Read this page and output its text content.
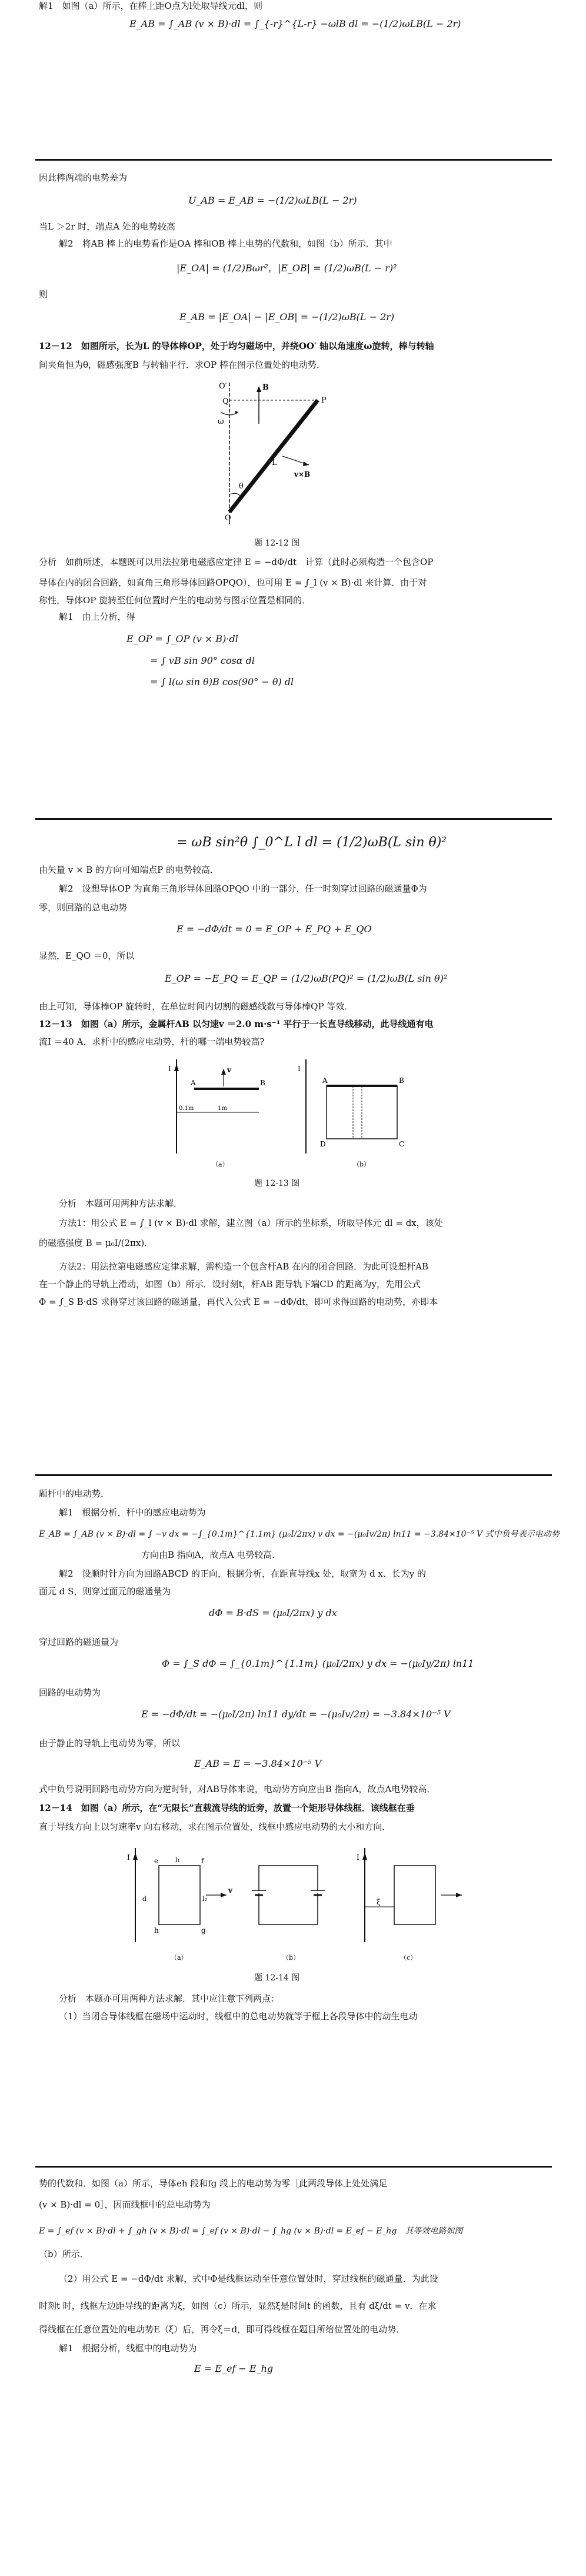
解1　如图（a）所示，在棒上距O点为l处取导线元dl，则
E_AB = ∫_AB (v × B)·dl = ∫_{-r}^{L-r} −ωlB dl = −(1/2)ωLB(L − 2r)
因此棒两端的电势差为
U_AB = E_AB = −(1/2)ωLB(L − 2r)
当L ＞2r 时，端点A 处的电势较高
解2　将AB 棒上的电势看作是OA 棒和OB 棒上电势的代数和，如图（b）所示．其中
|E_OA| = (1/2)Bωr²，|E_OB| = (1/2)ωB(L − r)²
则
E_AB = |E_OA| − |E_OB| = −(1/2)ωB(L − 2r)
12－12　如图所示，长为L 的导体棒OP，处于均匀磁场中，并绕OO′ 轴以角速度ω旋转，棒与转轴
间夹角恒为θ，磁感强度B 与转轴平行．求OP 棒在图示位置处的电动势．
O
O′	B
P
Q
ω
θ
L
v×B
题 12-12 图
分析　如前所述，本题既可以用法拉第电磁感应定律 E = −dΦ/dt　计算（此时必须构造一个包含OP
导体在内的闭合回路，如直角三角形导体回路OPQO），也可用 E = ∫_l (v × B)·dl 来计算．由于对
称性，导体OP 旋转至任何位置时产生的电动势与图示位置是相同的．
解1　由上分析，得
E_OP = ∫_OP (v × B)·dl
= ∫ vB sin 90° cosα dl
= ∫ l(ω sin θ)B cos(90° − θ) dl
= ωB sin²θ ∫_0^L l dl = (1/2)ωB(L sin θ)²
由矢量 v × B 的方向可知端点P 的电势较高．
解2　设想导体OP 为直角三角形导体回路OPQO 中的一部分，任一时刻穿过回路的磁通量Φ为
零，则回路的总电动势
E = −dΦ/dt = 0 = E_OP + E_PQ + E_QO
显然，E_QO ＝0，所以
E_OP = −E_PQ = E_QP = (1/2)ωB(PQ)² = (1/2)ωB(L sin θ)²
由上可知，导体棒OP 旋转时，在单位时间内切割的磁感线数与导体棒QP 等效．
12－13　如图（a）所示，金属杆AB 以匀速v ＝2.0 m·s⁻¹ 平行于一长直导线移动，此导线通有电
流I ＝40 A．求杆中的感应电动势，杆的哪一端电势较高?
I
A	B
v
0.1m	1m
（a）
I
A	B
C
D
（b）
题 12-13 图
分析　本题可用两种方法求解．
方法1：用公式 E = ∫_l (v × B)·dl 求解，建立图（a）所示的坐标系，所取导体元 dl = dx，该处
的磁感强度 B = μ₀I/(2πx)．
方法2：用法拉第电磁感应定律求解，需构造一个包含杆AB 在内的闭合回路．为此可设想杆AB
在一个静止的导轨上滑动，如图（b）所示．设时刻t，杆AB 距导轨下端CD 的距离为y，先用公式
Φ = ∫_S B·dS 求得穿过该回路的磁通量，再代入公式 E = −dΦ/dt，即可求得回路的电动势，亦即本
题杆中的电动势．
解1　根据分析，杆中的感应电动势为
E_AB = ∫_AB (v × B)·dl = ∫ −v dx = −∫_{0.1m}^{1.1m} (μ₀I/2πx) v dx = −(μ₀Iv/2π) ln11 = −3.84×10⁻⁵ V 式中负号表示电动势
方向由B 指向A，故点A 电势较高．
解2　设顺时针方向为回路ABCD 的正向，根据分析，在距直导线x 处，取宽为 d x、长为y 的
面元 d S，则穿过面元的磁通量为
dΦ = B·dS = (μ₀I/2πx) y dx
穿过回路的磁通量为
Φ = ∫_S dΦ = ∫_{0.1m}^{1.1m} (μ₀I/2πx) y dx = −(μ₀Iy/2π) ln11
回路的电动势为
E = −dΦ/dt = −(μ₀I/2π) ln11 dy/dt = −(μ₀Iv/2π) = −3.84×10⁻⁵ V
由于静止的导轨上电动势为零，所以
E_AB = E = −3.84×10⁻⁵ V
式中负号说明回路电动势方向为逆时针，对AB导体来说，电动势方向应由B 指向A，故点A电势较高．
12－14　如图（a）所示，在“无限长”直载流导线的近旁，放置一个矩形导体线框．该线框在垂
直于导线方向上以匀速率v 向右移动，求在图示位置处，线框中感应电动势的大小和方向．
I
v
e	f
g
h
d
l₁
l₂
（a）	（b）
I
ξ
（c）
题 12-14 图
分析　本题亦可用两种方法求解．其中应注意下列两点：
（1）当闭合导体线框在磁场中运动时，线框中的总电动势就等于框上各段导体中的动生电动
势的代数和．如图（a）所示，导体eh 段和fg 段上的电动势为零［此两段导体上处处满足
(v × B)·dl = 0］，因而线框中的总电动势为
E = ∫_ef (v × B)·dl + ∫_gh (v × B)·dl = ∫_ef (v × B)·dl − ∫_hg (v × B)·dl = E_ef − E_hg　其等效电路如图
（b）所示．
（2）用公式 E = −dΦ/dt 求解，式中Φ是线框运动至任意位置处时，穿过线框的磁通量．为此设
时刻t 时，线框左边距导线的距离为ξ，如图（c）所示，显然ξ是时间t 的函数，且有 dξ/dt = v．在求
得线框在任意位置处的电动势E（ξ）后，再令ξ＝d，即可得线框在题目所给位置处的电动势．
解1　根据分析，线框中的电动势为
E = E_ef − E_hg
